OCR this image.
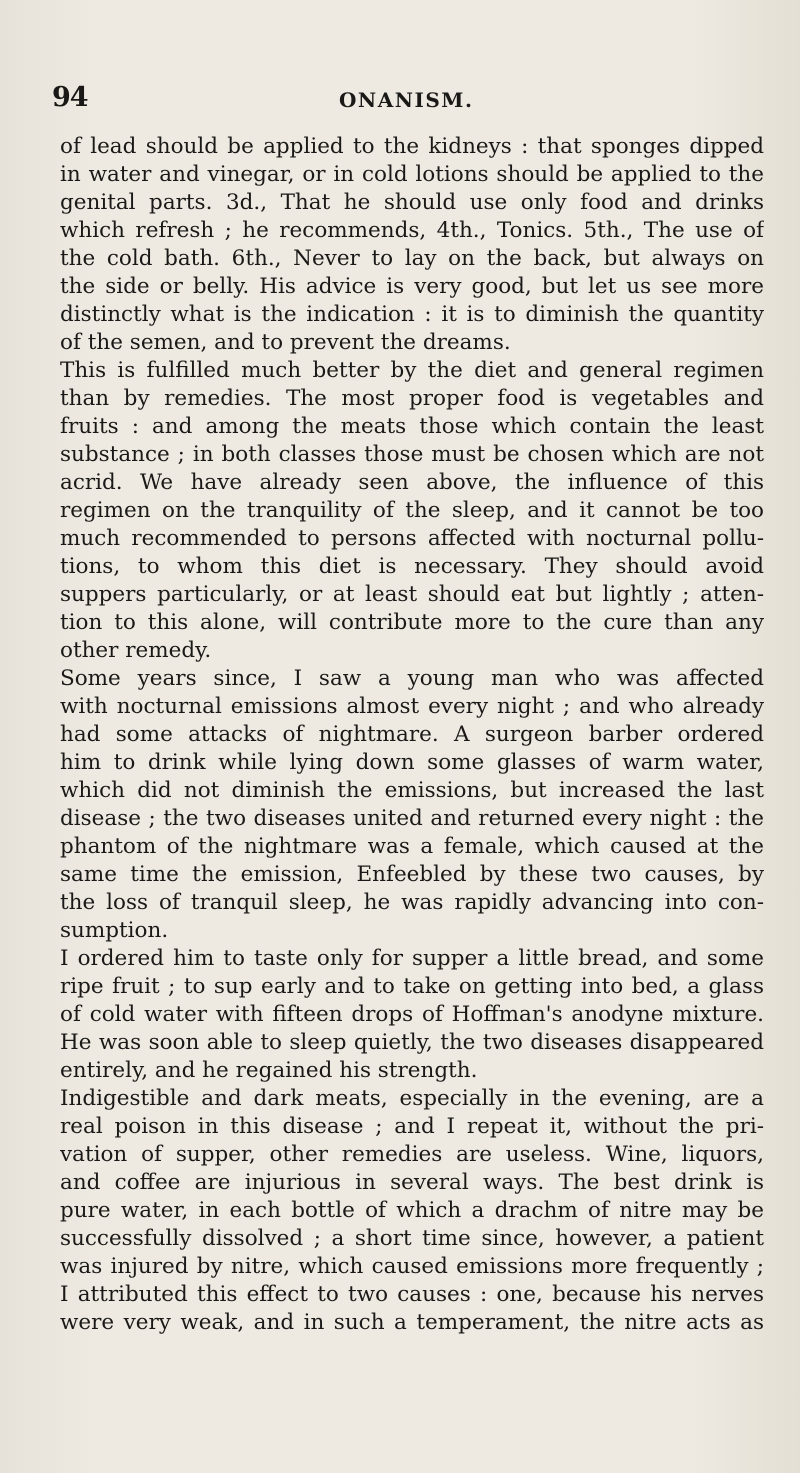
94	ONANISM.
of lead should be applied to the kidneys : that sponges dipped
in water and vinegar, or in cold lotions should be applied to the
genital parts. 3d., That he should use only food and drinks
which refresh ; he recommends, 4th., Tonics. 5th., The use of
the cold bath. 6th., Never to lay on the back, but always on
the side or belly. His advice is very good, but let us see more
distinctly what is the indication : it is to diminish the quantity
of the semen, and to prevent the dreams.
This is fulfilled much better by the diet and general regimen
than by remedies. The most proper food is vegetables and
fruits : and among the meats those which contain the least
substance ; in both classes those must be chosen which are not
acrid. We have already seen above, the influence of this
regimen on the tranquility of the sleep, and it cannot be too
much recommended to persons affected with nocturnal pollu-
tions, to whom this diet is necessary. They should avoid
suppers particularly, or at least should eat but lightly ; atten-
tion to this alone, will contribute more to the cure than any
other remedy.
Some years since, I saw a young man who was affected
with nocturnal emissions almost every night ; and who already
had some attacks of nightmare. A surgeon barber ordered
him to drink while lying down some glasses of warm water,
which did not diminish the emissions, but increased the last
disease ; the two diseases united and returned every night : the
phantom of the nightmare was a female, which caused at the
same time the emission, Enfeebled by these two causes, by
the loss of tranquil sleep, he was rapidly advancing into con-
sumption.
I ordered him to taste only for supper a little bread, and some
ripe fruit ; to sup early and to take on getting into bed, a glass
of cold water with fifteen drops of Hoffman's anodyne mixture.
He was soon able to sleep quietly, the two diseases disappeared
entirely, and he regained his strength.
Indigestible and dark meats, especially in the evening, are a
real poison in this disease ; and I repeat it, without the pri-
vation of supper, other remedies are useless. Wine, liquors,
and coffee are injurious in several ways. The best drink is
pure water, in each bottle of which a drachm of nitre may be
successfully dissolved ; a short time since, however, a patient
was injured by nitre, which caused emissions more frequently ;
I attributed this effect to two causes : one, because his nerves
were very weak, and in such a temperament, the nitre acts as
